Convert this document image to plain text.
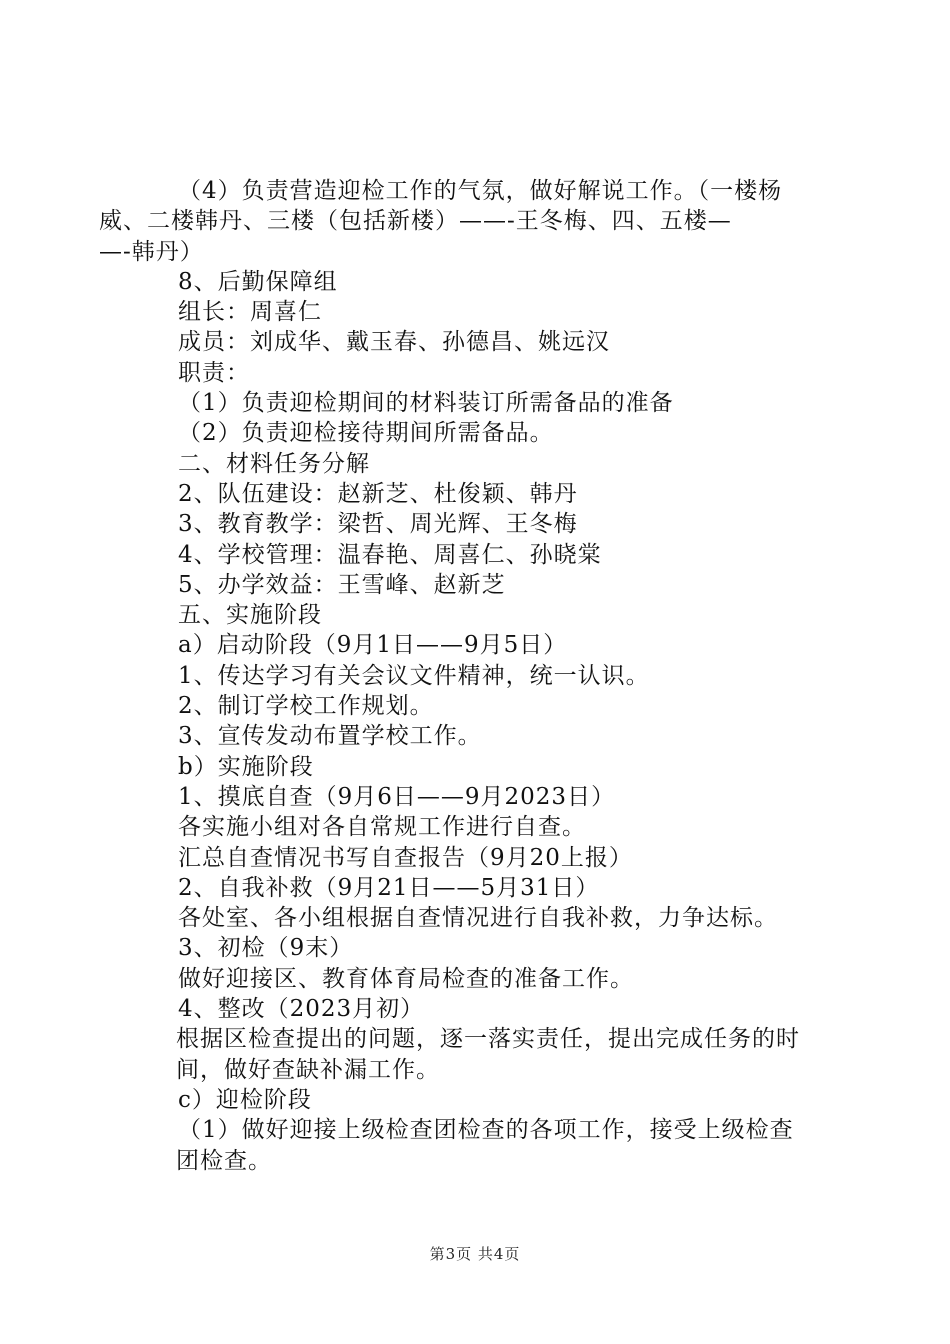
（4）负责营造迎检工作的气氛，做好解说工作。（一楼杨
威、二楼韩丹、三楼（包括新楼）——-王冬梅、四、五楼—
—-韩丹）
8、后勤保障组
组长：周喜仁
成员：刘成华、戴玉春、孙德昌、姚远汉
职责：
（1）负责迎检期间的材料装订所需备品的准备
（2）负责迎检接待期间所需备品。
二、材料任务分解
2、队伍建设：赵新芝、杜俊颖、韩丹
3、教育教学：梁哲、周光辉、王冬梅
4、学校管理：温春艳、周喜仁、孙晓棠
5、办学效益：王雪峰、赵新芝
五、实施阶段
a）启动阶段（9月1日——9月5日）
1、传达学习有关会议文件精神，统一认识。
2、制订学校工作规划。
3、宣传发动布置学校工作。
b）实施阶段
1、摸底自查（9月6日——9月2023日）
各实施小组对各自常规工作进行自查。
汇总自查情况书写自查报告（9月20上报）
2、自我补救（9月21日——5月31日）
各处室、各小组根据自查情况进行自我补救，力争达标。
3、初检（9末）
做好迎接区、教育体育局检查的准备工作。
4、整改（2023月初）
根据区检查提出的问题，逐一落实责任，提出完成任务的时
间，做好查缺补漏工作。
c）迎检阶段
（1）做好迎接上级检查团检查的各项工作，接受上级检查
团检查。
第3页 共4页
